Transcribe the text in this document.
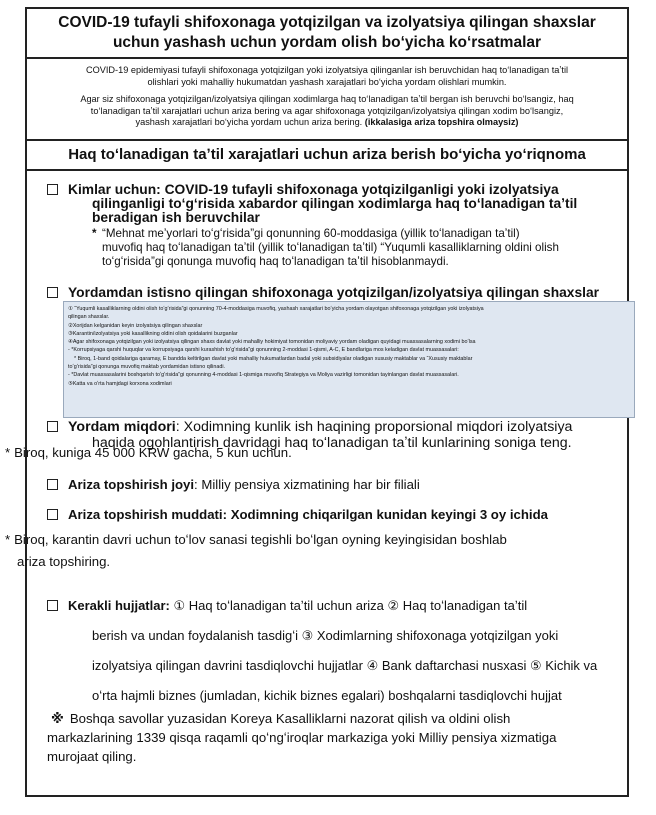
COVID-19 tufayli shifoxonaga yotqizilgan va izolyatsiya qilingan shaxslar
uchun yashash uchun yordam olish boʻyicha koʻrsatmalar

COVID-19 epidemiyasi tufayli shifoxonaga yotqizilgan yoki izolyatsiya qilinganlar ish beruvchidan haq toʻlanadigan taʼtil
olishlari yoki mahalliy hukumatdan yashash xarajatlari boʻyicha yordam olishlari mumkin.

Agar siz shifoxonaga yotqizilgan/izolyatsiya qilingan xodimlarga haq toʻlanadigan taʼtil bergan ish beruvchi boʻlsangiz, haq
toʻlanadigan taʼtil xarajatlari uchun ariza bering va agar shifoxonaga yotqizilgan/izolyatsiya qilingan xodim boʻlsangiz,
yashash xarajatlari boʻyicha yordam uchun ariza bering. (ikkalasiga ariza topshira olmaysiz)

Haq toʻlanadigan taʼtil xarajatlari uchun ariza berish boʻyicha yoʻriqnoma
Kimlar uchun: COVID-19 tufayli shifoxonaga yotqizilganligi yoki izolyatsiya
qilinganligi toʻgʻrisida xabardor qilingan xodimlarga haq toʻlanadigan taʼtil
beradigan ish beruvchilar
* “Mehnat meʼyorlari toʻgʻrisida”gi qonunning 60-moddasiga (yillik toʻlanadigan taʼtil)
muvofiq haq toʻlanadigan taʼtil (yillik toʻlanadigan taʼtil) “Yuqumli kasalliklarning oldini olish
toʻgʻrisida”gi qonunga muvofiq haq toʻlanadigan taʼtil hisoblanmaydi.
Yordamdan istisno qilingan shifoxonaga yotqizilgan/izolyatsiya qilingan shaxslar
① “Yuqumli kasalliklarning oldini olish toʻgʻrisida”gi qonunning 70-4-moddasiga muvofiq, yashash xarajatlari boʻyicha yordam olayotgan shifoxonaga yotqizilgan yoki izolyatsiya
qilingan shaxslar.
②Xorijdan kelganidan keyin izolyatsiya qilingan shaxslar
③Karantin/izolyatsiya yoki kasallikning oldini olish qoidalarini buzganlar
④Agar shifoxonaga yotqizilgan yoki izolyatsiya qilingan shaxs davlat yoki mahalliy hokimiyat tomonidan moliyaviy yordam oladigan quyidagi muassasalarning xodimi boʻlsa
- *Korrupsiyaga qarshi huquqlar va korrupsiyaga qarshi kurashish toʻgʻrisida”gi qonunning 2-moddasi 1-qismi, A-C, E bandlariga mos keladigan davlat muassasalari:
* Biroq, 1-band qoidalariga qaramay, E bandda keltirilgan davlat yoki mahalliy hukumatlardan badal yoki subsidiyalar oladigan xususiy maktablar va “Xususiy maktablar
toʻgʻrisida”gi qonunga muvofiq maktab yordamidan istisno qilinadi.
- *Davlat muassasalarini boshqarish toʻgʻrisida”gi qonunning 4-moddasi 1-qismiga muvofiq Strategiya va Moliya vazirligi tomonidan tayinlangan davlat muassasalari.
⑤Katta va oʻrta hamjdagi korxona xodimlari
Yordam miqdori: Xodimning kunlik ish haqining proporsional miqdori izolyatsiya
haqida ogohlantirish davridagi haq toʻlanadigan taʼtil kunlarining soniga teng.
* Biroq, kuniga 45 000 KRW gacha, 5 kun uchun.
Ariza topshirish joyi: Milliy pensiya xizmatining har bir filiali
Ariza topshirish muddati: Xodimning chiqarilgan kunidan keyingi 3 oy ichida
* Biroq, karantin davri uchun toʻlov sanasi tegishli boʻlgan oyning keyingisidan boshlab
ariza topshiring.
Kerakli hujjatlar: ① Haq toʻlanadigan taʼtil uchun ariza ② Haq toʻlanadigan taʼtil
berish va undan foydalanish tasdigʻi ③ Xodimlarning shifoxonaga yotqizilgan yoki
izolyatsiya qilingan davrini tasdiqlovchi hujjatlar ④ Bank daftarchasi nusxasi ⑤ Kichik va
oʻrta hajmli biznes (jumladan, kichik biznes egalari) boshqalarni tasdiqlovchi hujjat
※ Boshqa savollar yuzasidan Koreya Kasalliklarni nazorat qilish va oldini olish
markazlarining 1339 qisqa raqamli qoʻngʻiroqlar markaziga yoki Milliy pensiya xizmatiga
murojaat qiling.
